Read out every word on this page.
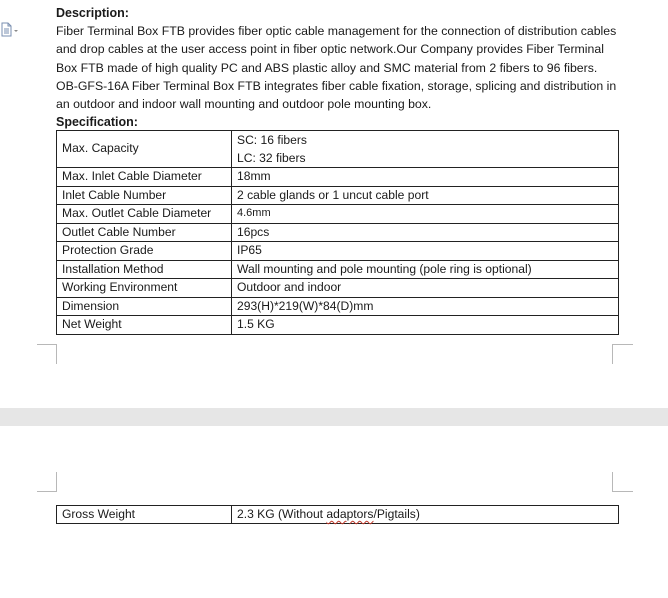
Description:

Fiber Terminal Box FTB provides fiber optic cable management for the connection of distribution cables
and drop cables at the user access point in fiber optic network.Our Company provides Fiber Terminal
Box FTB made of high quality PC and ABS plastic alloy and SMC material from 2 fibers to 96 fibers.
OB-GFS-16A Fiber Terminal Box FTB integrates fiber cable fixation, storage, splicing and distribution in
an outdoor and indoor wall mounting and outdoor pole mounting box.

Specification:
Max. Capacity	SC: 16 fibers
LC: 32 fibers

Max. Inlet Cable Diameter	18mm
Inlet Cable Number	2 cable glands or 1 uncut cable port
Max. Outlet Cable Diameter	4.6mm
Outlet Cable Number	16pcs
Protection Grade	IP65
Installation Method	Wall mounting and pole mounting (pole ring is optional)
Working Environment	Outdoor and indoor
Dimension	293(H)*219(W)*84(D)mm
Net Weight	1.5 KG
Gross Weight	2.3 KG (Without adaptors/Pigtails)
